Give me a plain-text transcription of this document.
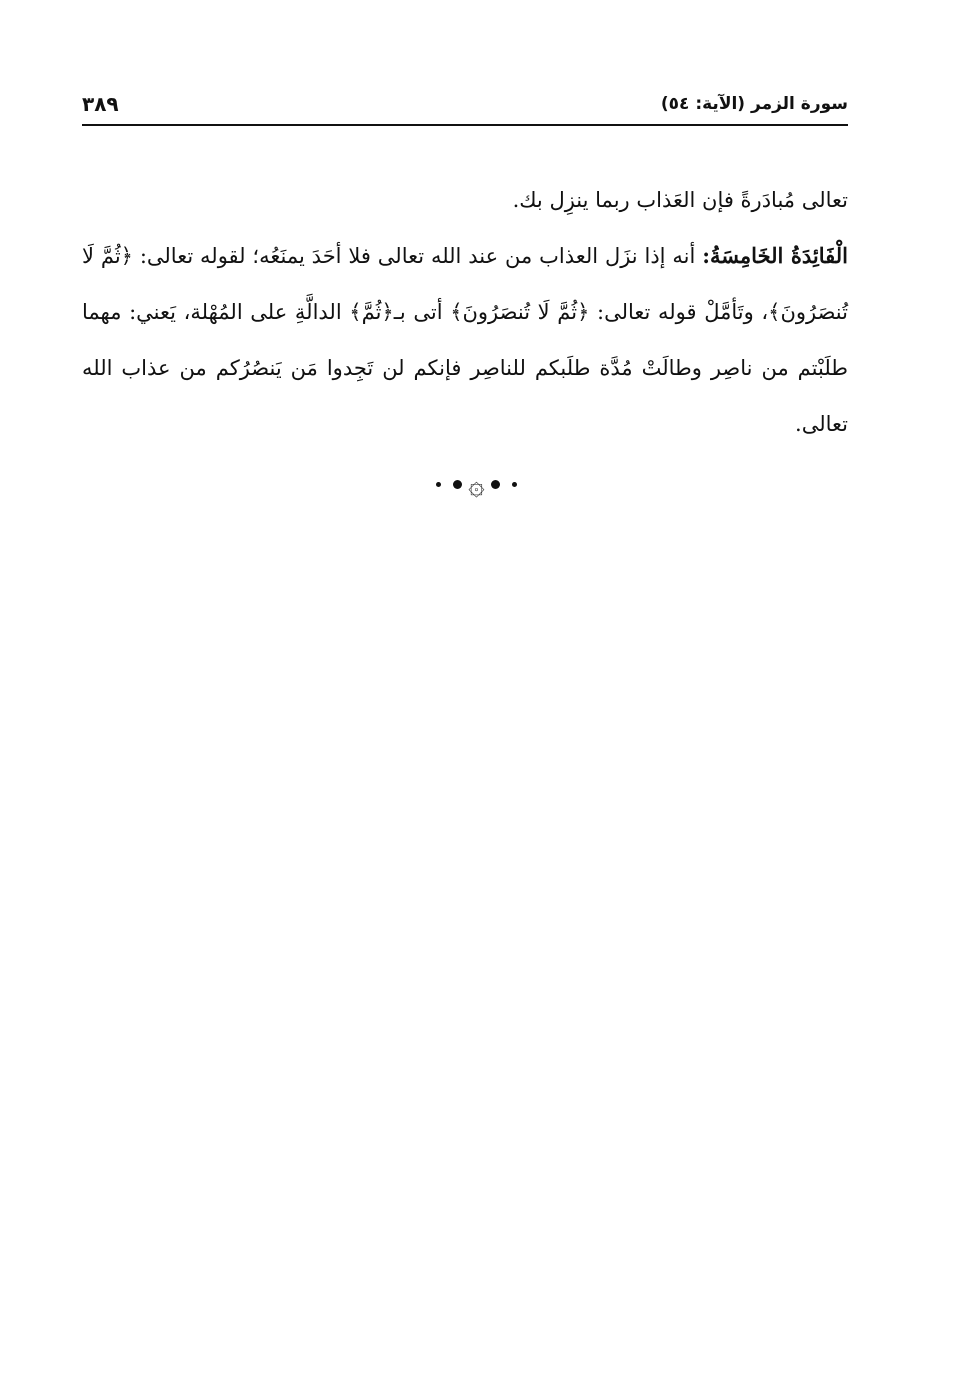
سورة الزمر (الآية: ٥٤)
٣٨٩

تعالى مُبادَرةً فإن العَذاب ربما ينزِل بك.

الْفَائِدَةُ الخَامِسَةُ: أنه إذا نزَل العذاب من عند الله تعالى فلا أحَدَ يمنَعُه؛ لقوله تعالى: ﴿ثُمَّ لَا تُنصَرُونَ﴾، وتَأمَّلْ قوله تعالى: ﴿ثُمَّ لَا تُنصَرُونَ﴾ أتى بـ﴿ثُمَّ﴾ الدالَّةِ على المُهْلة، يَعني: مهما طلَبْتم من ناصِر وطالَتْ مُدَّة طلَبكم للناصِر فإنكم لن تَجِدوا مَن يَنصُرُكم من عذاب الله تعالى.

۞
